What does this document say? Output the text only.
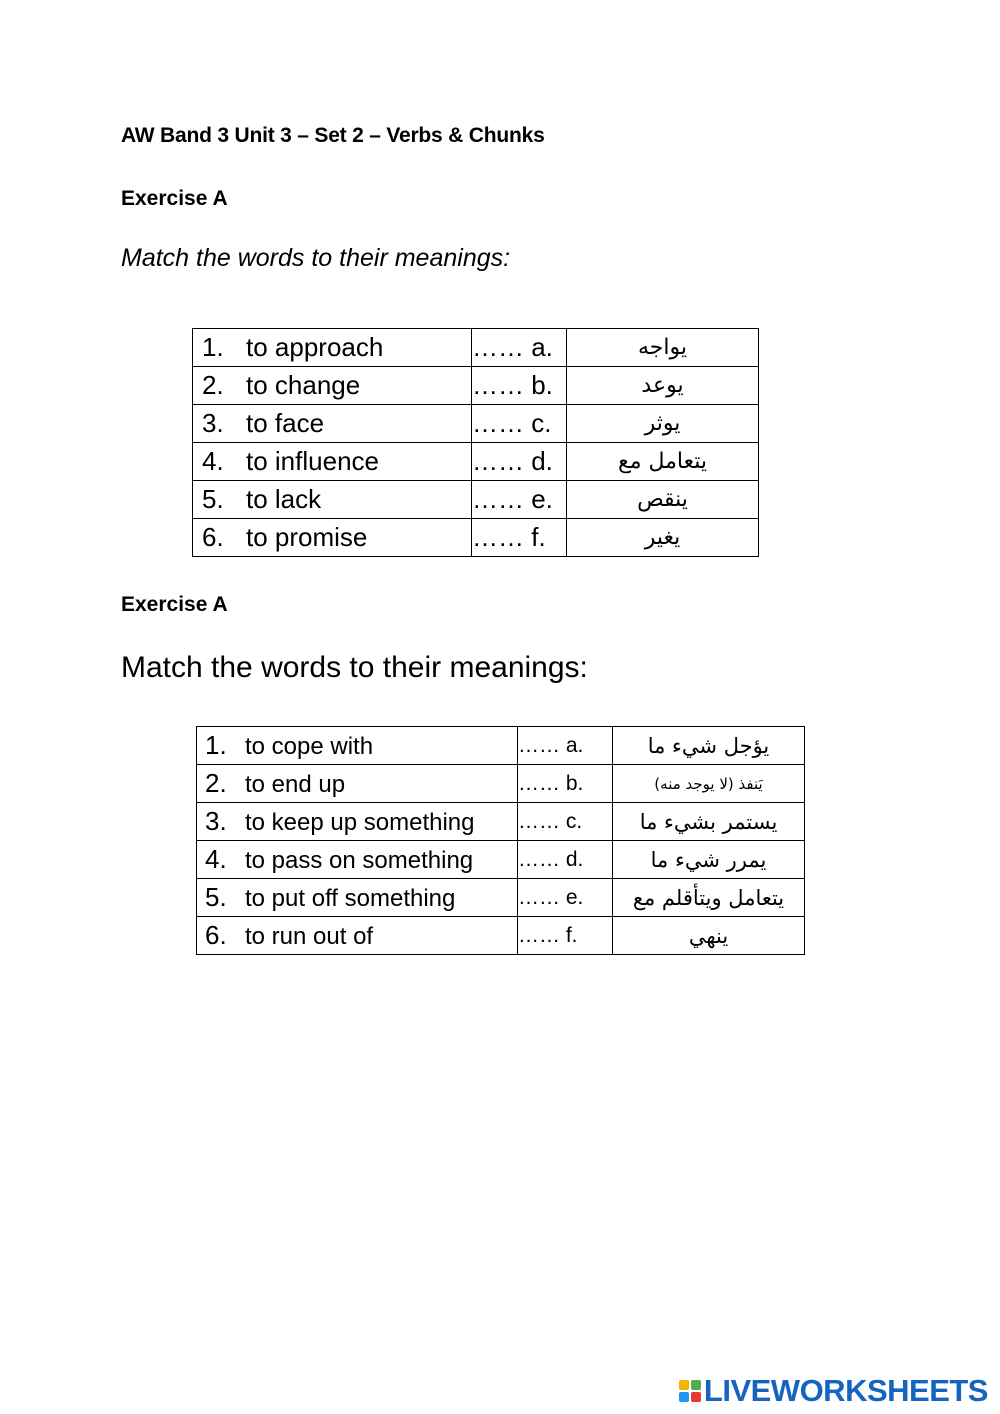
AW Band 3 Unit 3 – Set 2 – Verbs & Chunks
Exercise A
Match the words to their meanings:
1. to approach	…… a.	يواجه
2. to change	…… b.	يوعد
3. to face	…… c.	يوثر
4. to influence	…… d.	يتعامل مع
5. to lack	…… e.	ينقص
6. to promise	…… f.	يغير
Exercise A
Match the words to their meanings:
1. to cope with	…… a.	يؤجل شيء ما
2. to end up	…… b.	يَنفذ (لا يوجد منه)
3. to keep up something	…… c.	يستمر بشيء ما
4. to pass on something	…… d.	يمرر شيء ما
5. to put off something	…… e.	يتعامل ويتأقلم مع
6. to run out of	…… f.	ينهي
LIVEWORKSHEETS
